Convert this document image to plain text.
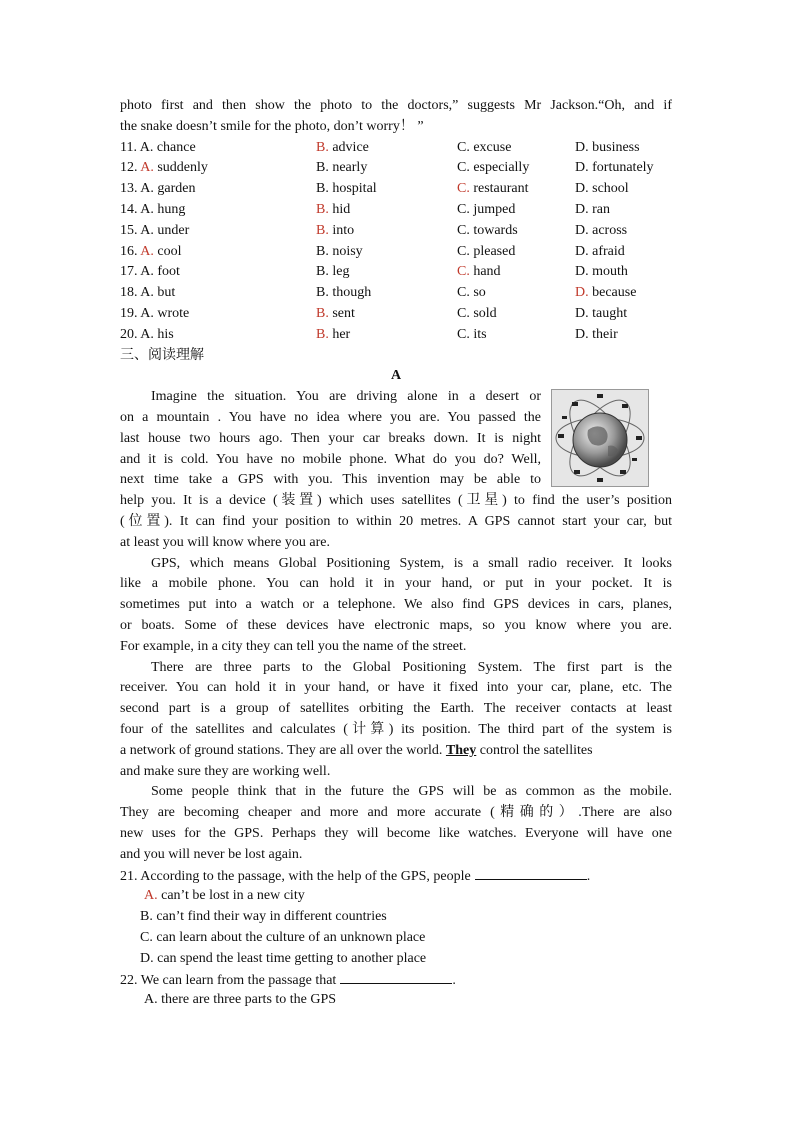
photo first and then show the photo to the doctors,” suggests Mr Jackson.“Oh, and if
the snake doesn’t smile for the photo, don’t worry！ ”
11. A. chance	B. advice	C. excuse	D. business
12. A. suddenly	B. nearly	C. especially	D. fortunately
13. A. garden	B. hospital	C. restaurant	D. school
14. A. hung	B. hid	C. jumped	D. ran
15. A. under	B. into	C. towards	D. across
16. A. cool	B. noisy	C. pleased	D. afraid
17. A. foot	B. leg	C. hand	D. mouth
18. A. but	B. though	C. so	D. because
19. A. wrote	B. sent	C. sold	D. taught
20. A. his	B. her	C. its	D. their
三、阅读理解
A
Imagine the situation. You are driving alone in a desert or
on a mountain . You have no idea where you are. You passed the
last house two hours ago. Then your car breaks down. It is night
and it is cold. You have no mobile phone. What do you do? Well,
next time take a GPS with you. This invention may be able to
help you. It is a device (装置) which uses satellites (卫星) to find the user’s position
(位置). It can find your position to within 20 metres. A GPS cannot start your car, but
at least you will know where you are.
GPS, which means Global Positioning System, is a small radio receiver. It looks
like a mobile phone. You can hold it in your hand, or put in your pocket. It is
sometimes put into a watch or a telephone. We also find GPS devices in cars, planes,
or boats. Some of these devices have electronic maps, so you know where you are.
For example, in a city they can tell you the name of the street.
There are three parts to the Global Positioning System. The first part is the
receiver. You can hold it in your hand, or have it fixed into your car, plane, etc. The
second part is a group of satellites orbiting the Earth. The receiver contacts at least
four of the satellites and calculates (计算) its position. The third part of the system is
a network of ground stations. They are all over the world. They control the satellites
and make sure they are working well.
Some people think that in the future the GPS will be as common as the mobile.
They are becoming cheaper and more and more accurate (精确的）.There are also
new uses for the GPS. Perhaps they will become like watches. Everyone will have one
and you will never be lost again.
21. According to the passage, with the help of the GPS, people	.
A. can’t be lost in a new city
B. can’t find their way in different countries
C. can learn about the culture of an unknown place
D. can spend the least time getting to another place
22. We can learn from the passage that	.
A. there are three parts to the GPS
